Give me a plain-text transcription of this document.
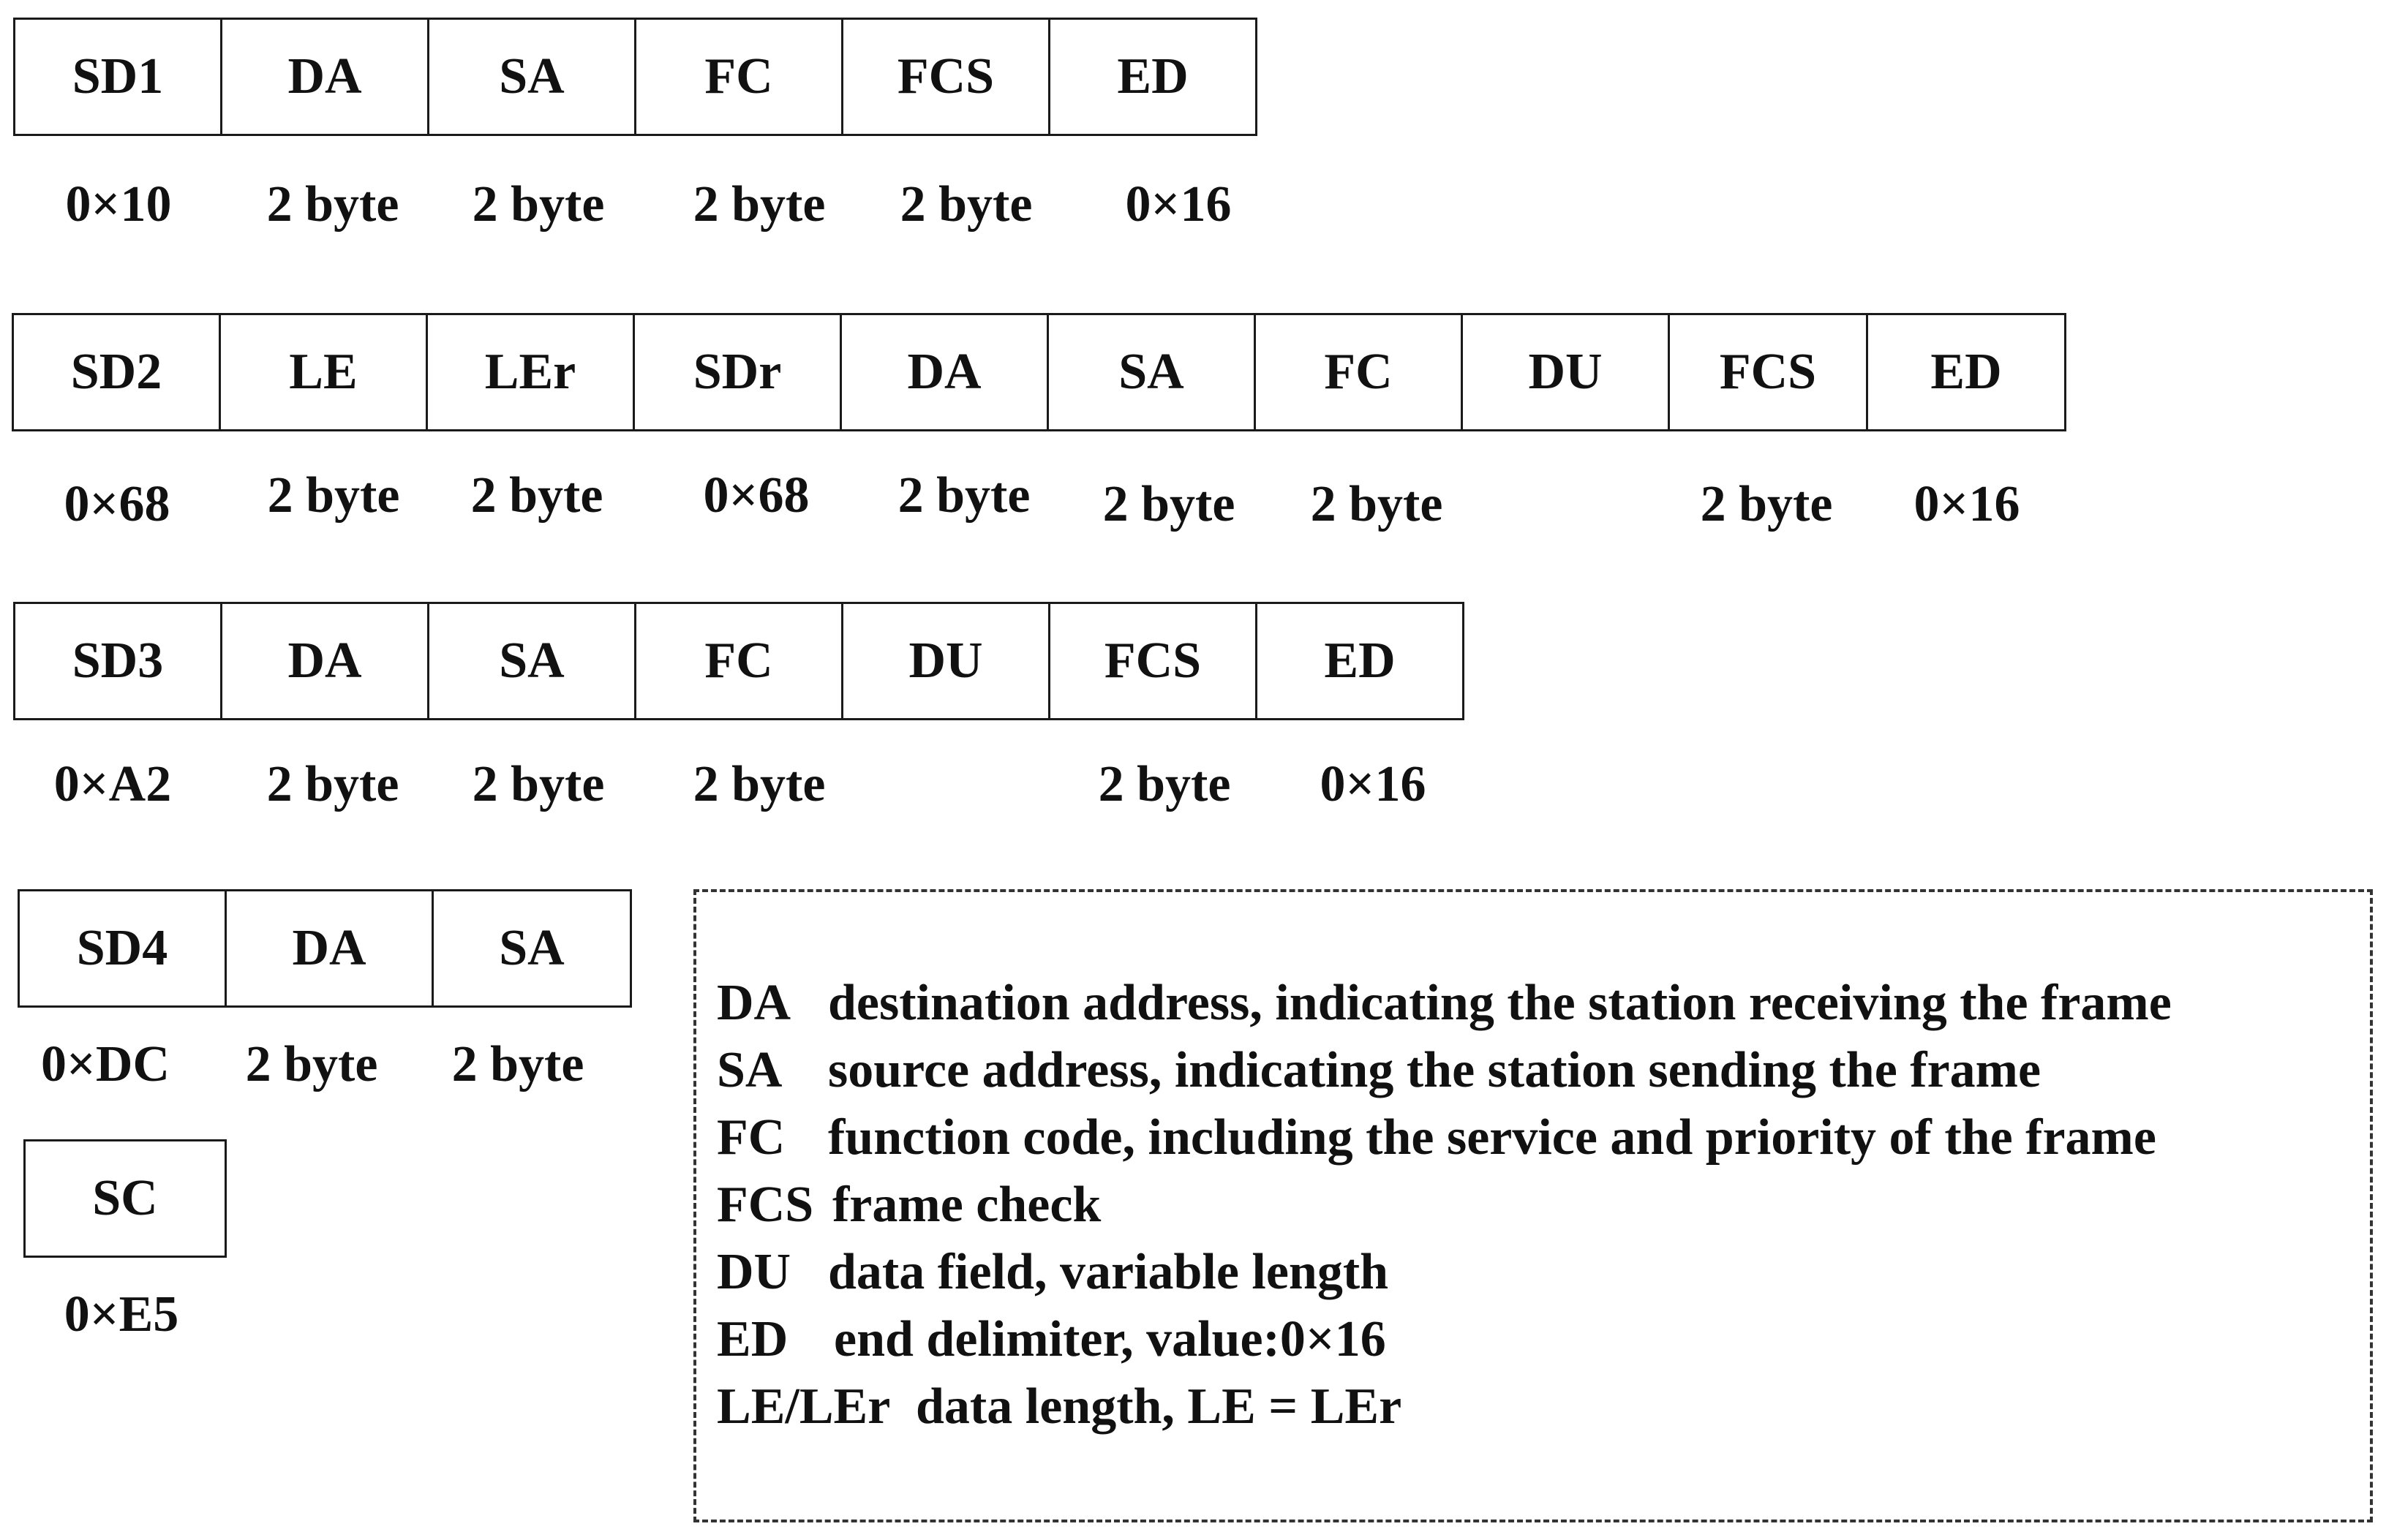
SD1 DA	SA	FC FCS ED
0×10 2 byte 2 byte 2 byte 2 byte 0×16
SD2 LE LEr SDr DA	SA	FC	DU FCS ED
0×68 2 byte 2 byte 0×68 2 byte 2 byte 2 byte	2 byte 0×16
SD3 DA	SA	FC	DU FCS ED
0×A2 2 byte 2 byte 2 byte	2 byte 0×16
SD4 DA	SA
0×DC 2 byte 2 byte
SC
0×E5
DA destination address, indicating the station receiving the frame
SA source address, indicating the station sending the frame
FC function code, including the service and priority of the frame
FCS frame check
DU data field, variable length
ED end delimiter, value:0×16
LE/LEr data length, LE = LEr
